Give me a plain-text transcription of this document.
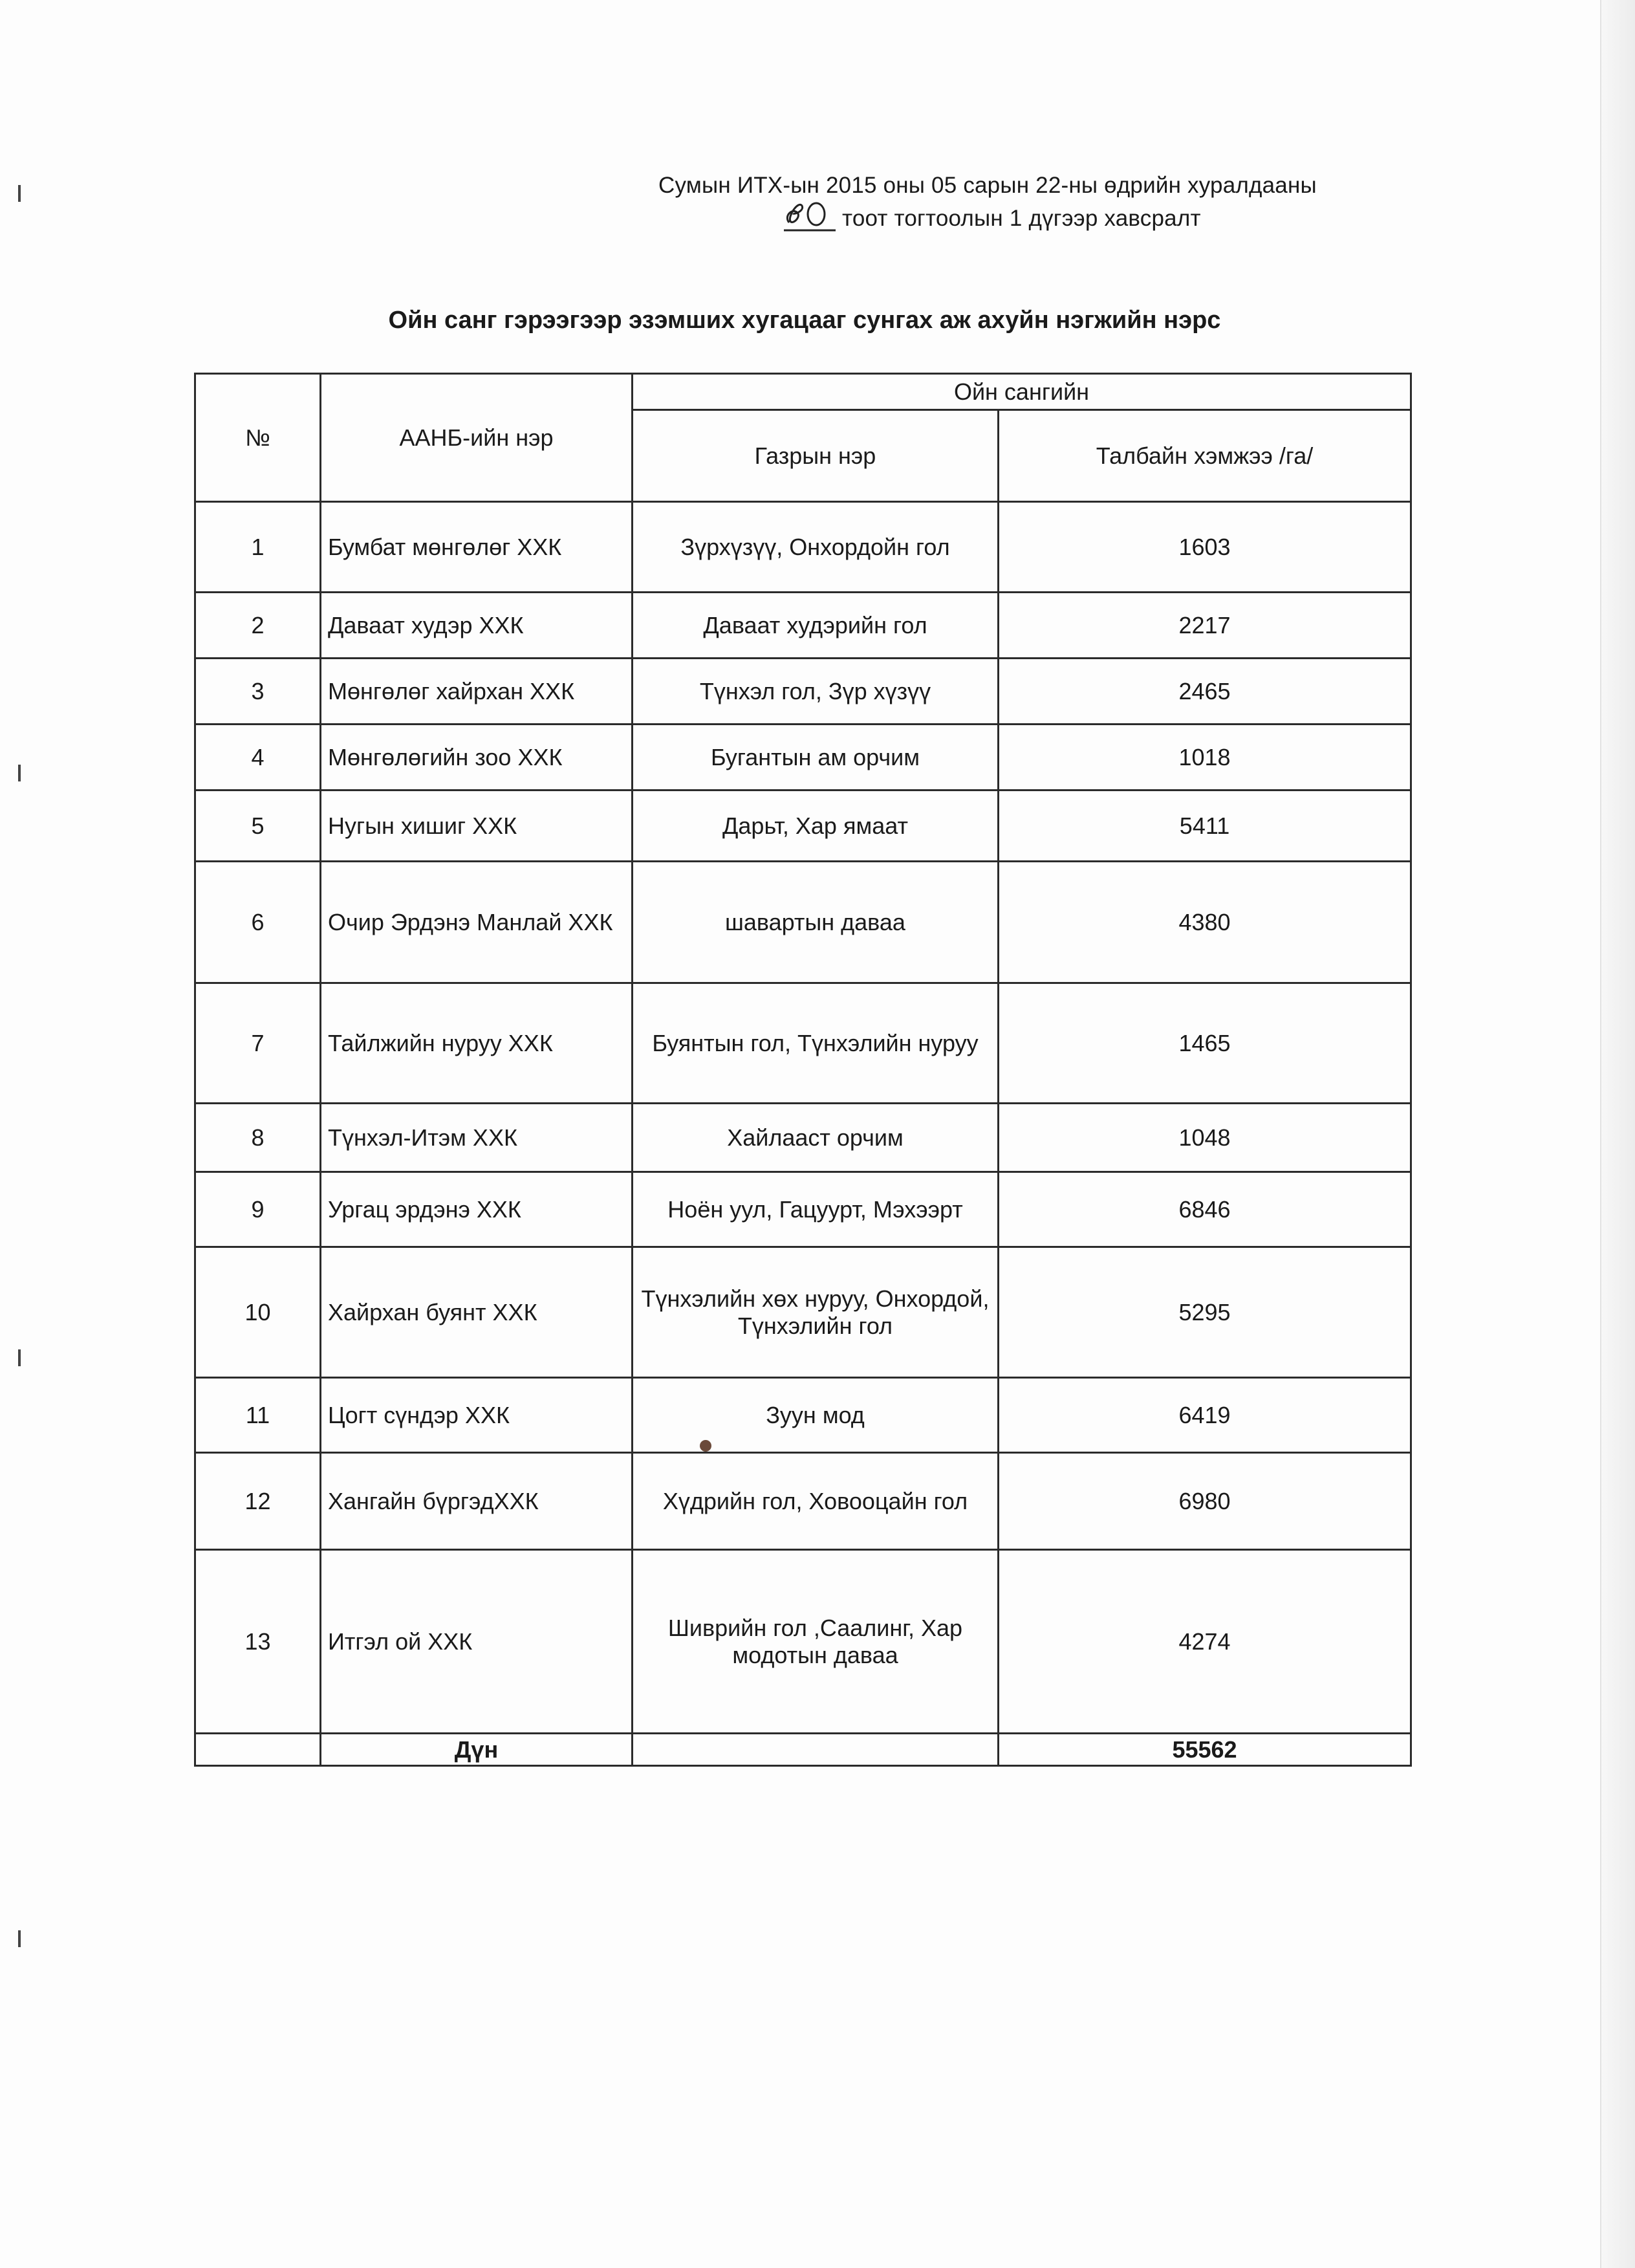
Сумын ИТХ-ын 2015 оны 05 сарын 22-ны өдрийн хуралдааны
тоот тогтоолын 1 дүгээр хавсралт
Ойн санг гэрээгээр эзэмших хугацааг сунгах аж ахуйн нэгжийн нэрс
№	ААНБ-ийн нэр	Ойн сангийн	
		Газрын нэр	Талбайн хэмжээ /га/
1	Бумбат мөнгөлөг ХХК	Зүрхүзүү, Онхордойн гол	1603
2	Даваат худэр ХХК	Даваат худэрийн гол	2217
3	Мөнгөлөг хайрхан ХХК	Түнхэл гол, Зүр хүзүү	2465
4	Мөнгөлөгийн зоо ХХК	Бугантын ам орчим	1018
5	Нугын хишиг ХХК	Дарьт, Хар ямаат	5411
6	Очир Эрдэнэ Манлай ХХК	шавартын даваа	4380
7	Тайлжийн нуруу ХХК	Буянтын гол, Түнхэлийн нуруу	1465
8	Түнхэл-Итэм ХХК	Хайлааст орчим	1048
9	Ургац эрдэнэ ХХК	Ноён уул, Гацуурт, Мэхээрт	6846
10	Хайрхан буянт ХХК	Түнхэлийн хөх нуруу, Онхордой, Түнхэлийн гол	5295
11	Цогт сүндэр ХХК	Зуун мод	6419
12	Хангайн бүргэдХХК	Хүдрийн гол, Ховооцайн гол	6980
13	Итгэл ой ХХК	Шиврийн гол ,Саалинг, Хар модотын даваа	4274
	Дүн		55562
